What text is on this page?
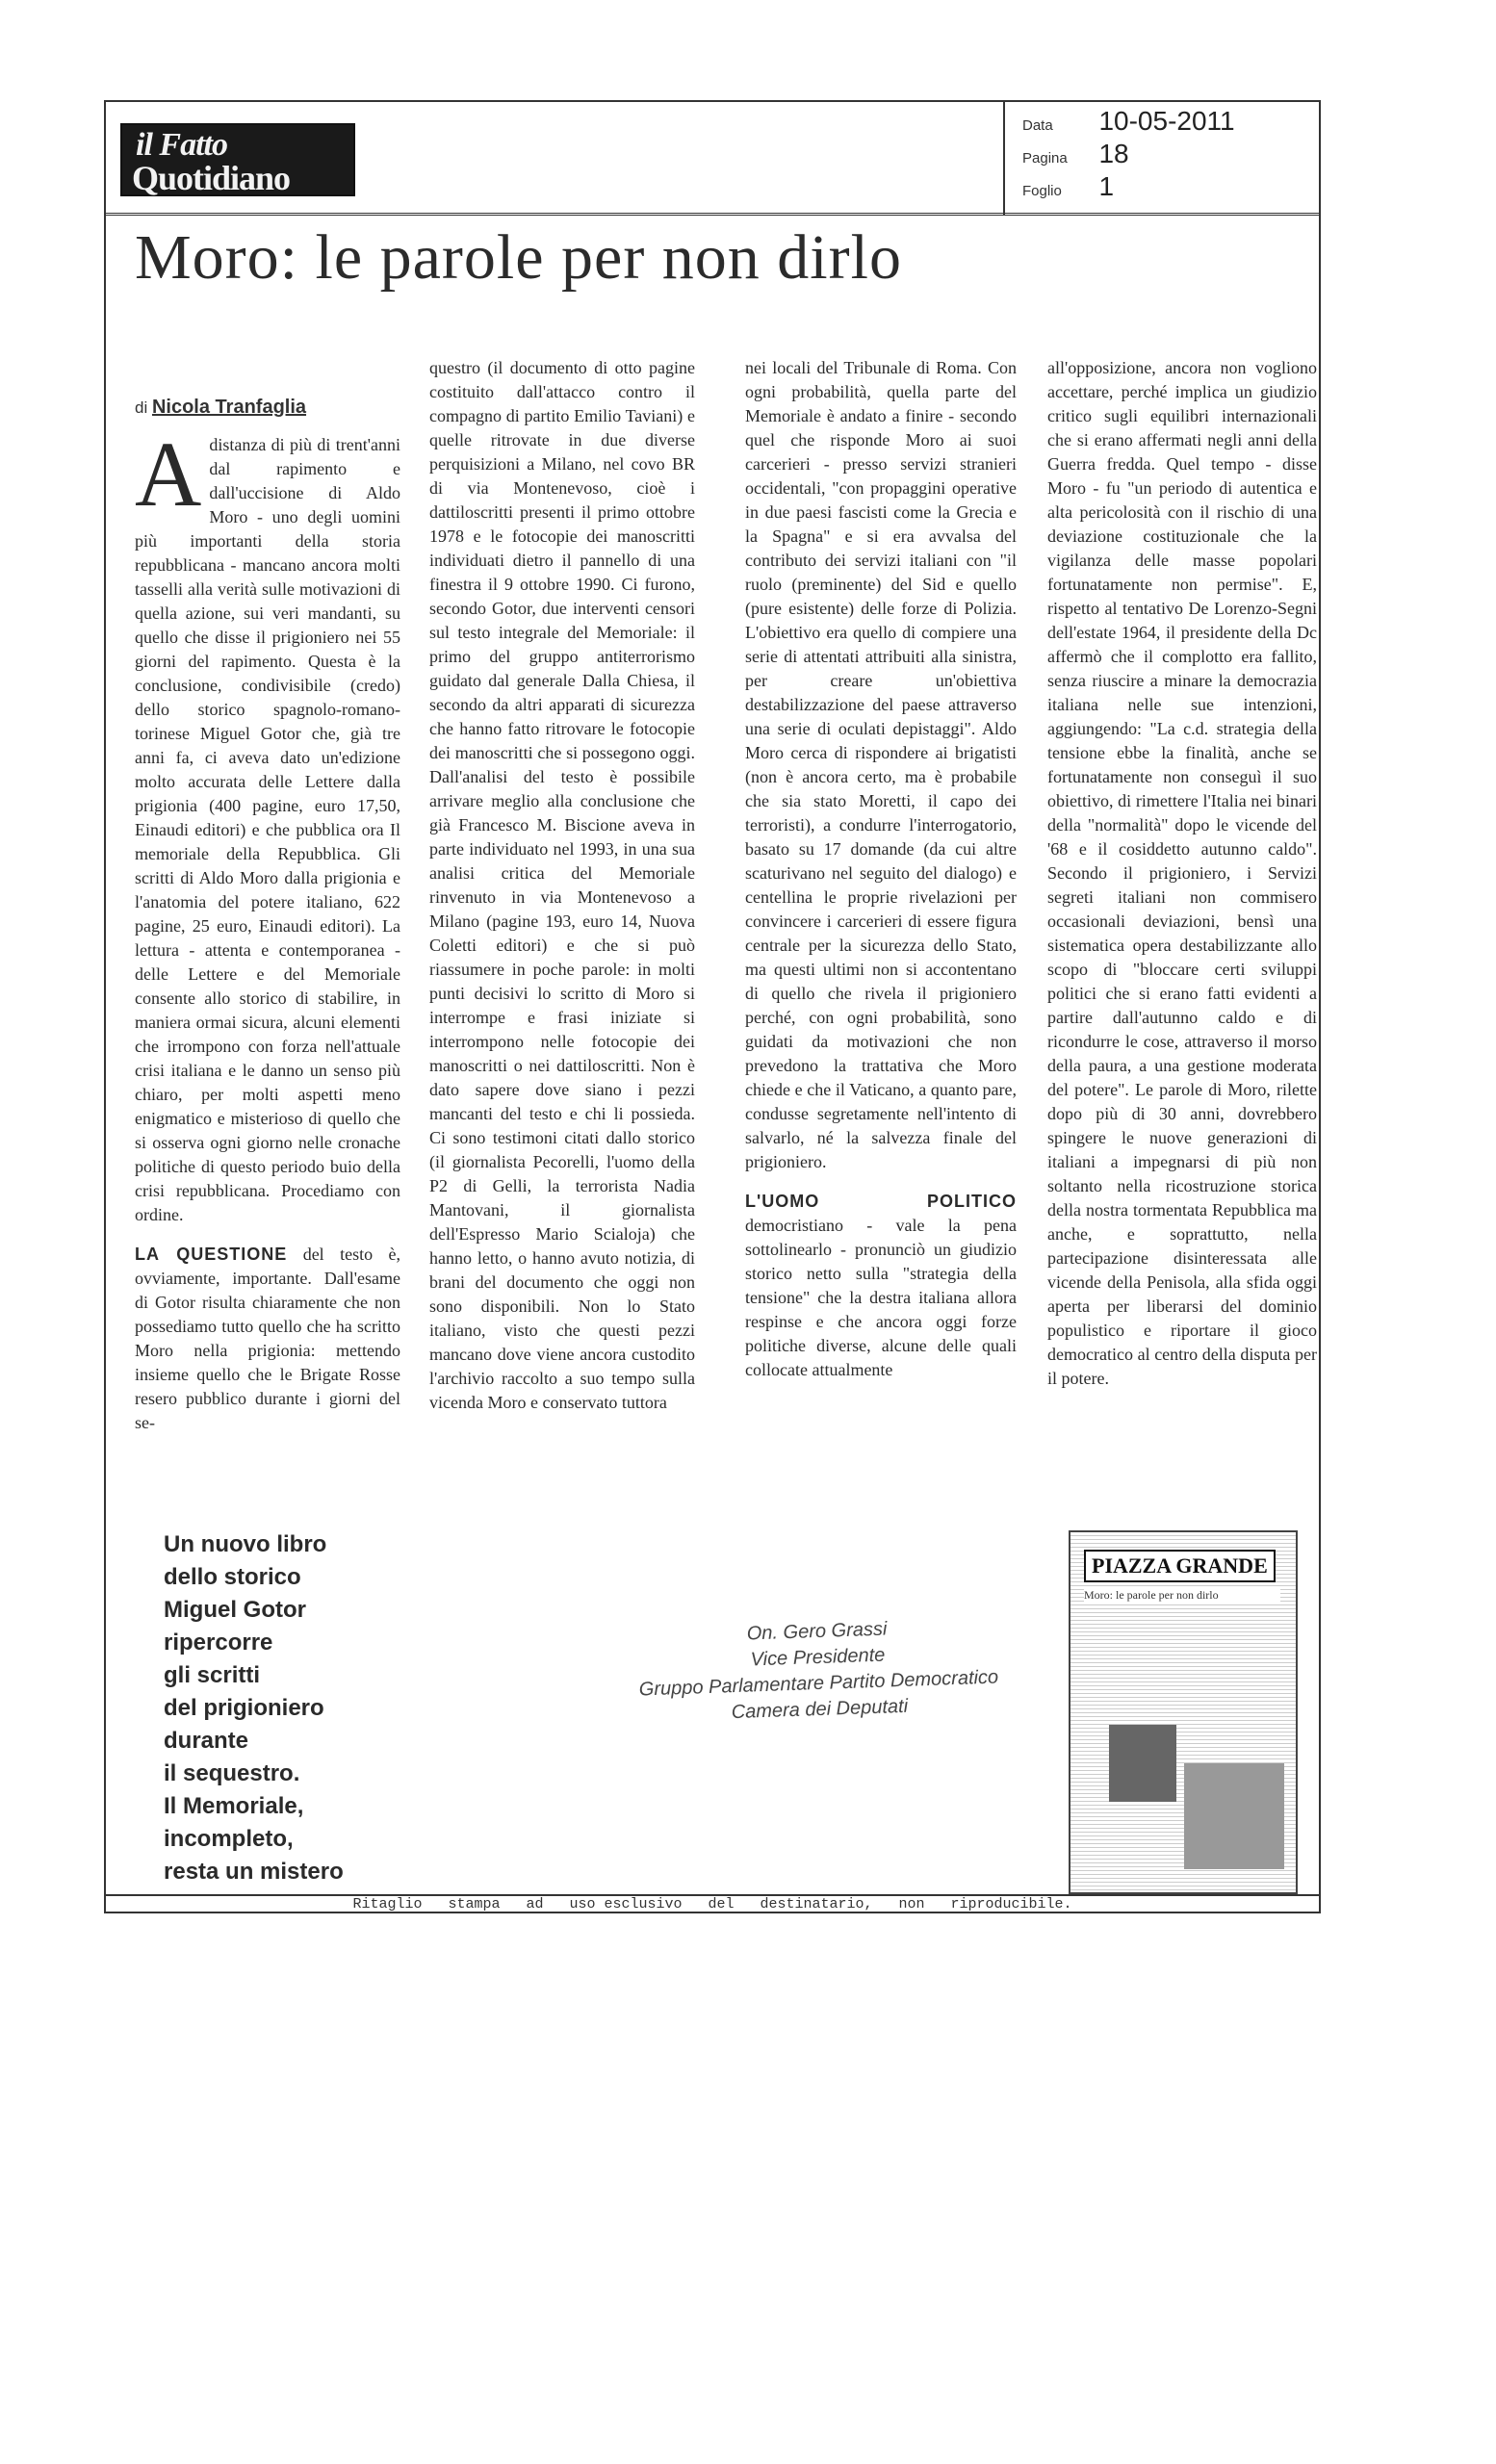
il Fatto
Quotidiano
Data 10-05-2011
Pagina 18
Foglio 1
Moro: le parole per non dirlo
di Nicola Tranfaglia

Adistanza di più di trent'anni dal rapimento e dall'uccisione di Aldo Moro - uno degli uomini più importanti della storia repubblicana - mancano ancora molti tasselli alla verità sulle motivazioni di quella azione, sui veri mandanti, su quello che disse il prigioniero nei 55 giorni del rapimento. Questa è la conclusione, condivisibile (credo) dello storico spagnolo-romano-torinese Miguel Gotor che, già tre anni fa, ci aveva dato un'edizione molto accurata delle Lettere dalla prigionia (400 pagine, euro 17,50, Einaudi editori) e che pubblica ora Il memoriale della Repubblica. Gli scritti di Aldo Moro dalla prigionia e l'anatomia del potere italiano, 622 pagine, 25 euro, Einaudi editori). La lettura - attenta e contemporanea - delle Lettere e del Memoriale consente allo storico di stabilire, in maniera ormai sicura, alcuni elementi che irrompono con forza nell'attuale crisi italiana e le danno un senso più chiaro, per molti aspetti meno enigmatico e misterioso di quello che si osserva ogni giorno nelle cronache politiche di questo periodo buio della crisi repubblicana. Procediamo con ordine.

LA QUESTIONE del testo è, ovviamente, importante. Dall'esame di Gotor risulta chiaramente che non possediamo tutto quello che ha scritto Moro nella prigionia: mettendo insieme quello che le Brigate Rosse resero pubblico durante i giorni del se-

questro (il documento di otto pagine costituito dall'attacco contro il compagno di partito Emilio Taviani) e quelle ritrovate in due diverse perquisizioni a Milano, nel covo BR di via Montenevoso, cioè i dattiloscritti presenti il primo ottobre 1978 e le fotocopie dei manoscritti individuati dietro il pannello di una finestra il 9 ottobre 1990. Ci furono, secondo Gotor, due interventi censori sul testo integrale del Memoriale: il primo del gruppo antiterrorismo guidato dal generale Dalla Chiesa, il secondo da altri apparati di sicurezza che hanno fatto ritrovare le fotocopie dei manoscritti che si possegono oggi. Dall'analisi del testo è possibile arrivare meglio alla conclusione che già Francesco M. Biscione aveva in parte individuato nel 1993, in una sua analisi critica del Memoriale rinvenuto in via Montenevoso a Milano (pagine 193, euro 14, Nuova Coletti editori) e che si può riassumere in poche parole: in molti punti decisivi lo scritto di Moro si interrompe e frasi iniziate si interrompono nelle fotocopie dei manoscritti o nei dattiloscritti. Non è dato sapere dove siano i pezzi mancanti del testo e chi li possieda. Ci sono testimoni citati dallo storico (il giornalista Pecorelli, l'uomo della P2 di Gelli, la terrorista Nadia Mantovani, il giornalista dell'Espresso Mario Scialoja) che hanno letto, o hanno avuto notizia, di brani del documento che oggi non sono disponibili. Non lo Stato italiano, visto che questi pezzi mancano dove viene ancora custodito l'archivio raccolto a suo tempo sulla vicenda Moro e conservato tuttora

nei locali del Tribunale di Roma. Con ogni probabilità, quella parte del Memoriale è andato a finire - secondo quel che risponde Moro ai suoi carcerieri - presso servizi stranieri occidentali, "con propaggini operative in due paesi fascisti come la Grecia e la Spagna" e si era avvalsa del contributo dei servizi italiani con "il ruolo (preminente) del Sid e quello (pure esistente) delle forze di Polizia. L'obiettivo era quello di compiere una serie di attentati attribuiti alla sinistra, per creare un'obiettiva destabilizzazione del paese attraverso una serie di oculati depistaggi". Aldo Moro cerca di rispondere ai brigatisti (non è ancora certo, ma è probabile che sia stato Moretti, il capo dei terroristi), a condurre l'interrogatorio, basato su 17 domande (da cui altre scaturivano nel seguito del dialogo) e centellina le proprie rivelazioni per convincere i carcerieri di essere figura centrale per la sicurezza dello Stato, ma questi ultimi non si accontentano di quello che rivela il prigioniero perché, con ogni probabilità, sono guidati da motivazioni che non prevedono la trattativa che Moro chiede e che il Vaticano, a quanto pare, condusse segretamente nell'intento di salvarlo, né la salvezza finale del prigioniero.

L'UOMO POLITICO democristiano - vale la pena sottolinearlo - pronunciò un giudizio storico netto sulla "strategia della tensione" che la destra italiana allora respinse e che ancora oggi forze politiche diverse, alcune delle quali collocate attualmente

all'opposizione, ancora non vogliono accettare, perché implica un giudizio critico sugli equilibri internazionali che si erano affermati negli anni della Guerra fredda. Quel tempo - disse Moro - fu "un periodo di autentica e alta pericolosità con il rischio di una deviazione costituzionale che la vigilanza delle masse popolari fortunatamente non permise". E, rispetto al tentativo De Lorenzo-Segni dell'estate 1964, il presidente della Dc affermò che il complotto era fallito, senza riuscire a minare la democrazia italiana nelle sue intenzioni, aggiungendo: "La c.d. strategia della tensione ebbe la finalità, anche se fortunatamente non conseguì il suo obiettivo, di rimettere l'Italia nei binari della "normalità" dopo le vicende del '68 e il cosiddetto autunno caldo". Secondo il prigioniero, i Servizi segreti italiani non commisero occasionali deviazioni, bensì una sistematica opera destabilizzante allo scopo di "bloccare certi sviluppi politici che si erano fatti evidenti a partire dall'autunno caldo e di ricondurre le cose, attraverso il morso della paura, a una gestione moderata del potere". Le parole di Moro, rilette dopo più di 30 anni, dovrebbero spingere le nuove generazioni di italiani a impegnarsi di più non soltanto nella ricostruzione storica della nostra tormentata Repubblica ma anche, e soprattutto, nella partecipazione disinteressata alle vicende della Penisola, alla sfida oggi aperta per liberarsi del dominio populistico e riportare il gioco democratico al centro della disputa per il potere.

Un nuovo libro
dello storico
Miguel Gotor
ripercorre
gli scritti
del prigioniero
durante
il sequestro.
Il Memoriale,
incompleto,
resta un mistero
On. Gero Grassi
Vice Presidente
Gruppo Parlamentare Partito Democratico
Camera dei Deputati
PIAZZA GRANDE
Moro: le parole per non dirlo
Ritaglio   stampa   ad   uso esclusivo   del   destinatario,   non   riproducibile.
